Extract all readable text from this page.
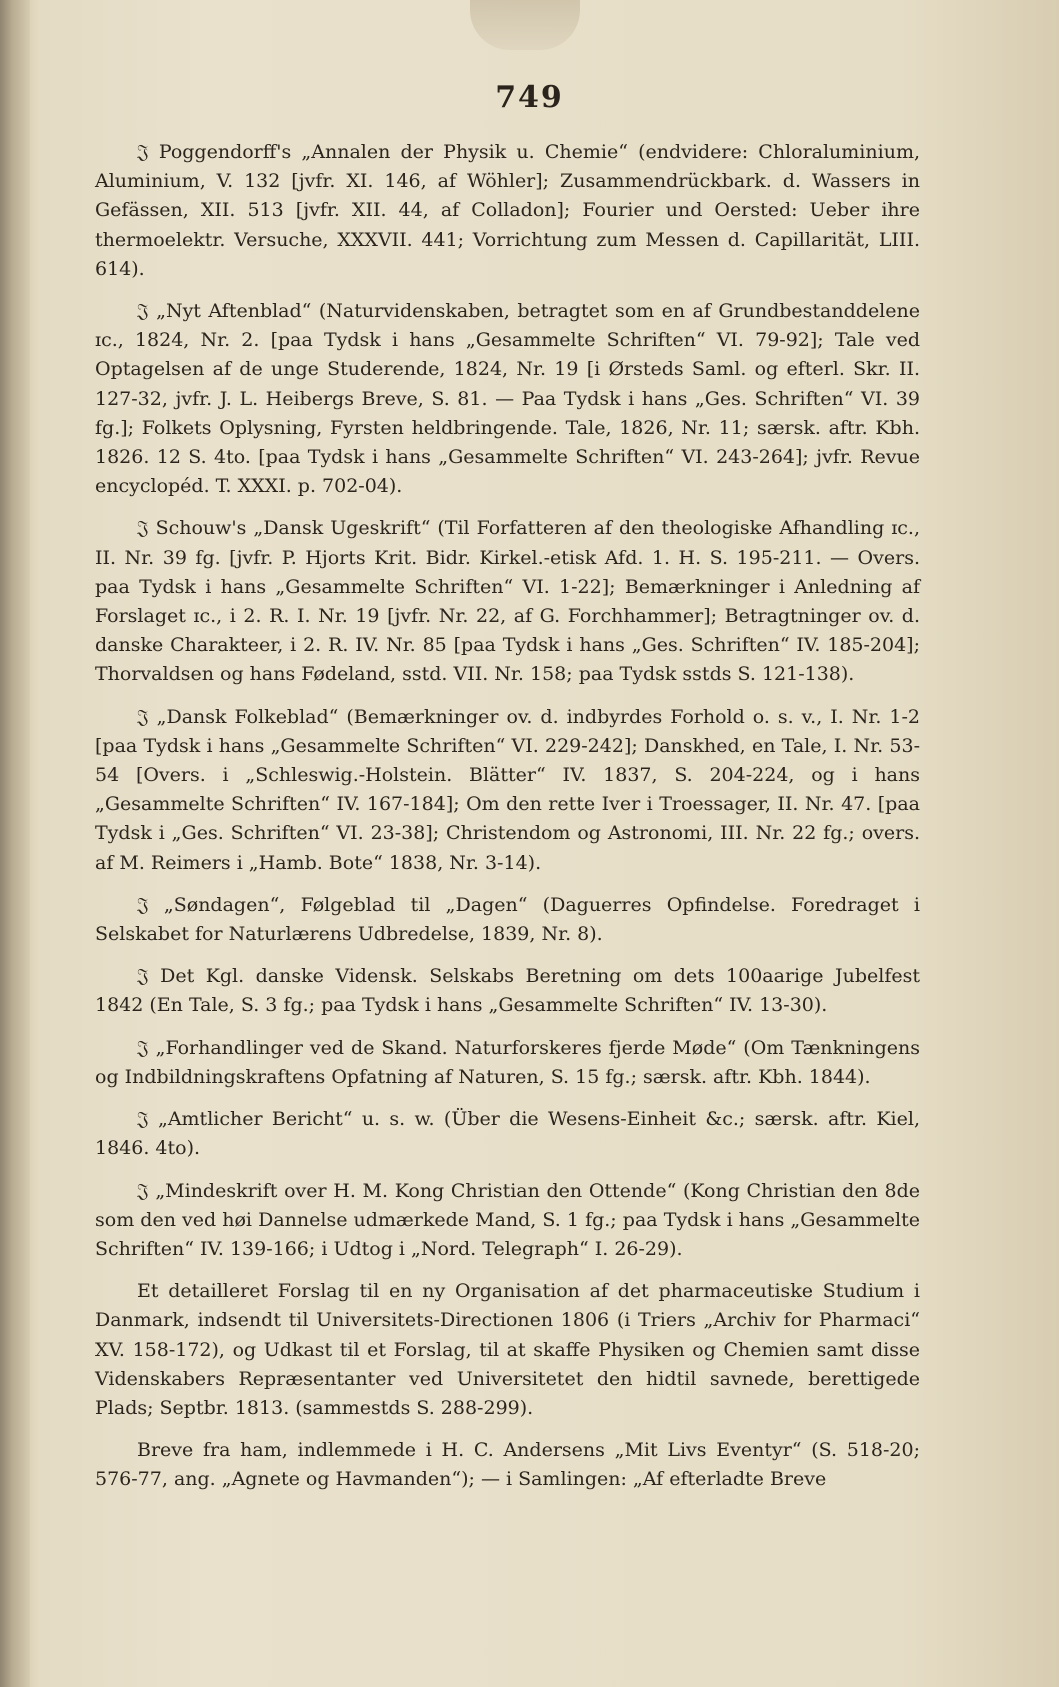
749

𝔍 Poggendorff's „Annalen der Physik u. Chemie“ (endvidere: Chloraluminium, Aluminium, V. 132 [jvfr. XI. 146, af Wöhler]; Zusammendrückbark. d. Wassers in Gefässen, XII. 513 [jvfr. XII. 44, af Colladon]; Fourier und Oersted: Ueber ihre thermoelektr. Versuche, XXXVII. 441; Vorrichtung zum Messen d. Capillarität, LIII. 614).

𝔍 „Nyt Aftenblad“ (Naturvidenskaben, betragtet som en af Grundbestanddelene ɪc., 1824, Nr. 2. [paa Tydsk i hans „Gesammelte Schriften“ VI. 79-92]; Tale ved Optagelsen af de unge Studerende, 1824, Nr. 19 [i Ørsteds Saml. og efterl. Skr. II. 127-32, jvfr. J. L. Heibergs Breve, S. 81. — Paa Tydsk i hans „Ges. Schriften“ VI. 39 fg.]; Folkets Oplysning, Fyrsten heldbringende. Tale, 1826, Nr. 11; særsk. aftr. Kbh. 1826. 12 S. 4to. [paa Tydsk i hans „Gesammelte Schriften“ VI. 243-264]; jvfr. Revue encyclopéd. T. XXXI. p. 702-04).

𝔍 Schouw's „Dansk Ugeskrift“ (Til Forfatteren af den theologiske Afhandling ɪc., II. Nr. 39 fg. [jvfr. P. Hjorts Krit. Bidr. Kirkel.-etisk Afd. 1. H. S. 195-211. — Overs. paa Tydsk i hans „Gesammelte Schriften“ VI. 1-22]; Bemærkninger i Anledning af Forslaget ɪc., i 2. R. I. Nr. 19 [jvfr. Nr. 22, af G. Forchhammer]; Betragtninger ov. d. danske Charakteer, i 2. R. IV. Nr. 85 [paa Tydsk i hans „Ges. Schriften“ IV. 185-204]; Thorvaldsen og hans Fødeland, sstd. VII. Nr. 158; paa Tydsk sstds S. 121-138).

𝔍 „Dansk Folkeblad“ (Bemærkninger ov. d. indbyrdes Forhold o. s. v., I. Nr. 1-2 [paa Tydsk i hans „Gesammelte Schriften“ VI. 229-242]; Danskhed, en Tale, I. Nr. 53-54 [Overs. i „Schleswig.-Holstein. Blätter“ IV. 1837, S. 204-224, og i hans „Gesammelte Schriften“ IV. 167-184]; Om den rette Iver i Troessager, II. Nr. 47. [paa Tydsk i „Ges. Schriften“ VI. 23-38]; Christendom og Astronomi, III. Nr. 22 fg.; overs. af M. Reimers i „Hamb. Bote“ 1838, Nr. 3-14).

𝔍 „Søndagen“, Følgeblad til „Dagen“ (Daguerres Opfindelse. Foredraget i Selskabet for Naturlærens Udbredelse, 1839, Nr. 8).

𝔍 Det Kgl. danske Vidensk. Selskabs Beretning om dets 100aarige Jubelfest 1842 (En Tale, S. 3 fg.; paa Tydsk i hans „Gesammelte Schriften“ IV. 13-30).

𝔍 „Forhandlinger ved de Skand. Naturforskeres fjerde Møde“ (Om Tænkningens og Indbildningskraftens Opfatning af Naturen, S. 15 fg.; særsk. aftr. Kbh. 1844).

𝔍 „Amtlicher Bericht“ u. s. w. (Über die Wesens-Einheit &c.; særsk. aftr. Kiel, 1846. 4to).

𝔍 „Mindeskrift over H. M. Kong Christian den Ottende“ (Kong Christian den 8de som den ved høi Dannelse udmærkede Mand, S. 1 fg.; paa Tydsk i hans „Gesammelte Schriften“ IV. 139-166; i Udtog i „Nord. Telegraph“ I. 26-29).

Et detailleret Forslag til en ny Organisation af det pharmaceutiske Studium i Danmark, indsendt til Universitets-Directionen 1806 (i Triers „Archiv for Pharmaci“ XV. 158-172), og Udkast til et Forslag, til at skaffe Physiken og Chemien samt disse Videnskabers Repræsentanter ved Universitetet den hidtil savnede, berettigede Plads; Septbr. 1813. (sammestds S. 288-299).

Breve fra ham, indlemmede i H. C. Andersens „Mit Livs Eventyr“ (S. 518-20; 576-77, ang. „Agnete og Havmanden“); — i Samlingen: „Af efterladte Breve
